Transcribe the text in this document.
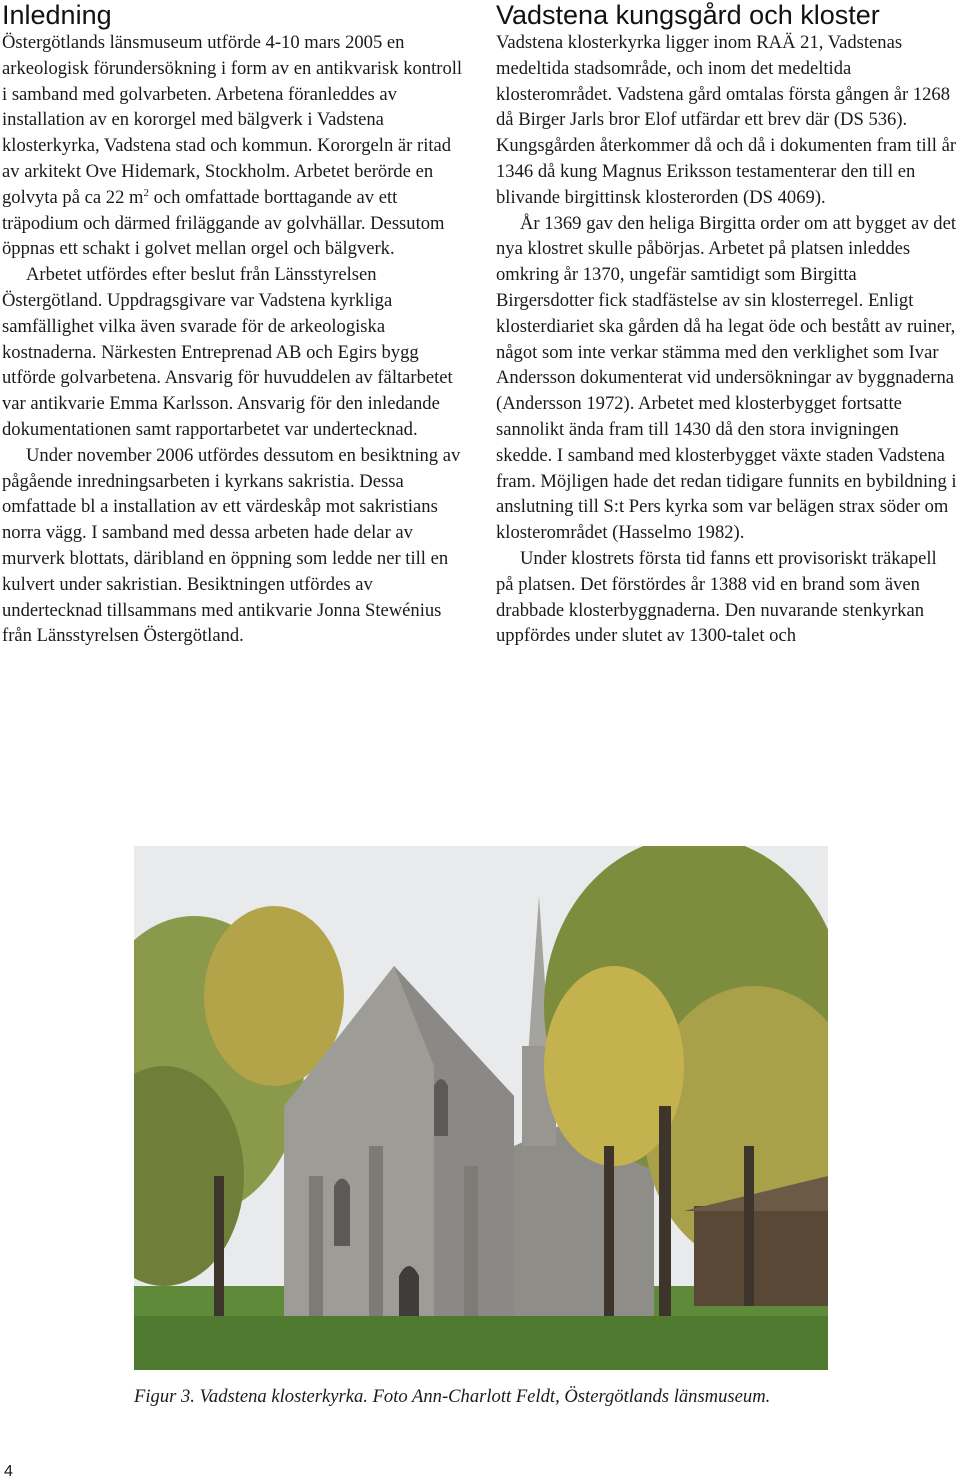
Inledning

Östergötlands länsmuseum utförde 4-10 mars 2005 en arkeologisk förundersökning i form av en antikvarisk kontroll i samband med golvarbeten. Arbetena föranleddes av installation av en kororgel med bälgverk i Vadstena klosterkyrka, Vadstena stad och kommun. Kororgeln är ritad av arkitekt Ove Hidemark, Stockholm. Arbetet berörde en golvyta på ca 22 $m^2$ och omfattade borttagande av ett träpodium och därmed friläggande av golvhällar. Dessutom öppnas ett schakt i golvet mellan orgel och bälgverk.

Arbetet utfördes efter beslut från Länsstyrelsen Östergötland. Uppdragsgivare var Vadstena kyrkliga samfällighet vilka även svarade för de arkeologiska kostnaderna. Närkesten Entreprenad AB och Egirs bygg utförde golvarbetena. Ansvarig för huvuddelen av fältarbetet var antikvarie Emma Karlsson. Ansvarig för den inledande dokumentationen samt rapportarbetet var undertecknad.

Under november 2006 utfördes dessutom en besiktning av pågående inredningsarbeten i kyrkans sakristia. Dessa omfattade bl a installation av ett värdeskåp mot sakristians norra vägg. I samband med dessa arbeten hade delar av murverk blottats, däribland en öppning som ledde ner till en kulvert under sakristian. Besiktningen utfördes av undertecknad tillsammans med antikvarie Jonna Stewénius från Länsstyrelsen Östergötland.

Vadstena kungsgård och kloster

Vadstena klosterkyrka ligger inom RAÄ 21, Vadstenas medeltida stadsområde, och inom det medeltida klosterområdet. Vadstena gård omtalas första gången år 1268 då Birger Jarls bror Elof utfärdar ett brev där (DS 536). Kungsgården återkommer då och då i dokumenten fram till år 1346 då kung Magnus Eriksson testamenterar den till en blivande birgittinsk klosterorden (DS 4069).

År 1369 gav den heliga Birgitta order om att bygget av det nya klostret skulle påbörjas. Arbetet på platsen inleddes omkring år 1370, ungefär samtidigt som Birgitta Birgersdotter fick stadfästelse av sin klosterregel. Enligt klosterdiariet ska gården då ha legat öde och bestått av ruiner, något som inte verkar stämma med den verklighet som Ivar Andersson dokumenterat vid undersökningar av byggnaderna (Andersson 1972). Arbetet med klosterbygget fortsatte sannolikt ända fram till 1430 då den stora invigningen skedde. I samband med klosterbygget växte staden Vadstena fram. Möjligen hade det redan tidigare funnits en bybildning i anslutning till S:t Pers kyrka som var belägen strax söder om klosterområdet (Hasselmo 1982).

Under klostrets första tid fanns ett provisoriskt träkapell på platsen. Det förstördes år 1388 vid en brand som även drabbade klosterbyggnaderna. Den nuvarande stenkyrkan uppfördes under slutet av 1300-talet och

Figur 3. Vadstena klosterkyrka. Foto Ann-Charlott Feldt, Östergötlands länsmuseum.
4
